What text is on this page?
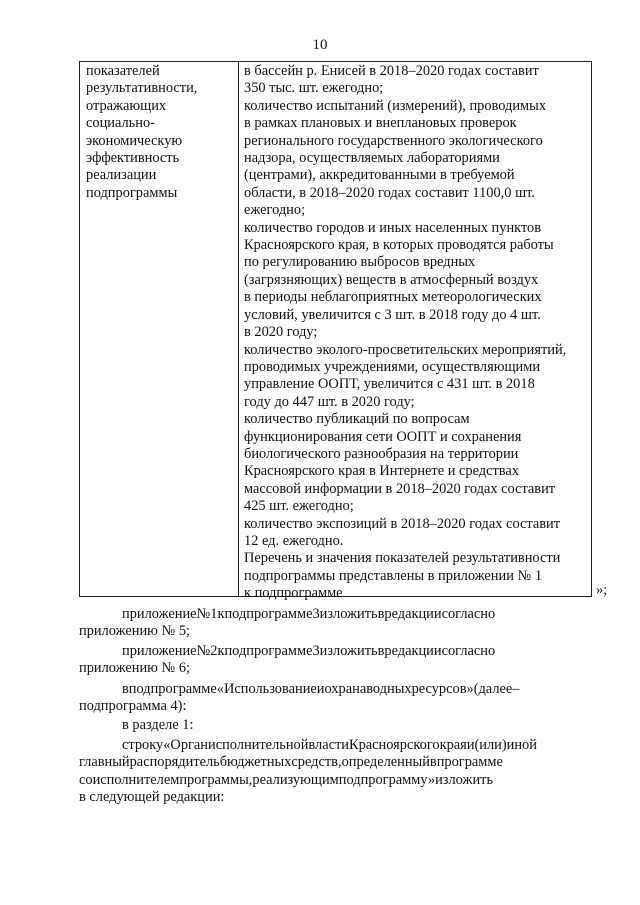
10
показателей
результативности,
отражающих
социально-
экономическую
эффективность
реализации
подпрограммы
в бассейн р. Енисей в 2018–2020 годах составит
350 тыс. шт. ежегодно;
количество испытаний (измерений), проводимых
в рамках плановых и внеплановых проверок
регионального государственного экологического
надзора, осуществляемых лабораториями
(центрами), аккредитованными в требуемой
области, в 2018–2020 годах составит 1100,0 шт.
ежегодно;
количество городов и иных населенных пунктов
Красноярского края, в которых проводятся работы
по регулированию выбросов вредных
(загрязняющих) веществ в атмосферный воздух
в периоды неблагоприятных метеорологических
условий, увеличится с 3 шт. в 2018 году до 4 шт.
в 2020 году;
количество эколого-просветительских мероприятий,
проводимых учреждениями, осуществляющими
управление ООПТ, увеличится с 431 шт. в 2018
году до 447 шт. в 2020 году;
количество публикаций по вопросам
функционирования сети ООПТ и сохранения
биологического разнообразия на территории
Красноярского края в Интернете и средствах
массовой информации в 2018–2020 годах составит
425 шт. ежегодно;
количество экспозиций в 2018–2020 годах составит
12 ед. ежегодно.
Перечень и значения показателей результативности
подпрограммы представлены в приложении № 1
к подпрограмме	»;
приложение№1кподпрограмме3изложитьвредакциисогласно
приложению № 5;
приложение№2кподпрограмме3изложитьвредакциисогласно
приложению № 6;
вподпрограмме«Использованиеиохранаводныхресурсов»(далее–
подпрограмма 4):
в разделе 1:
строку«ОрганисполнительнойвластиКрасноярскогокраяи(или)иной
главныйраспорядительбюджетныхсредств,определенныйвпрограмме
соисполнителемпрограммы,реализующимподпрограмму»изложить
в следующей редакции:
